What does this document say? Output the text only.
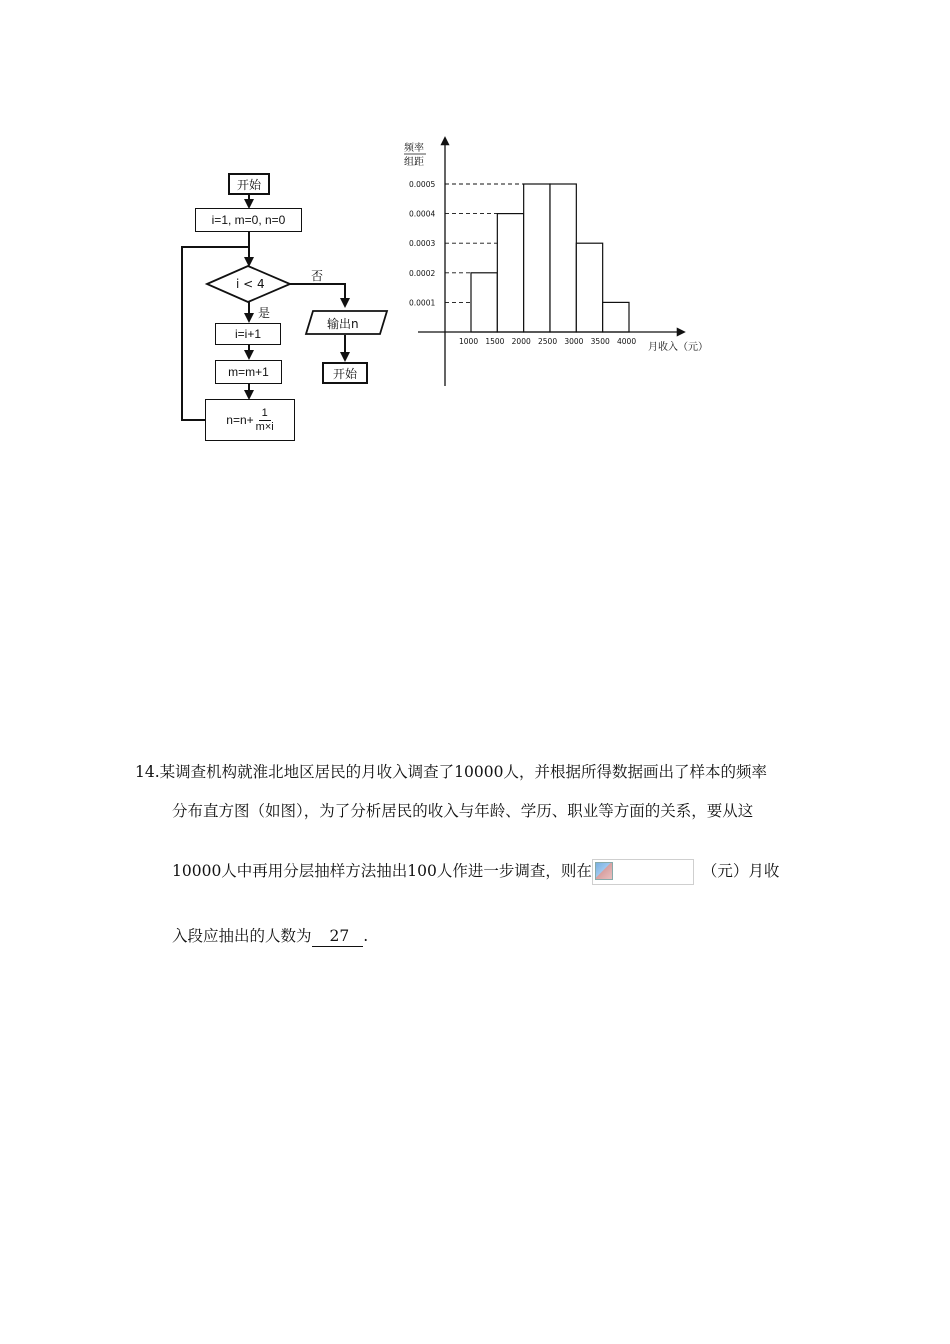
开始
i=1, m=0, n=0
i < 4
否
是
输出n
i=i+1
m=m+1
$n=n+ \frac{1}{m\times i}$
开始
0.0001
0.0002
0.0003
0.0004
0.0005
1000 1500 2000 2500 3000 3500 4000
频率
组距
月收入（元）
14.某调查机构就淮北地区居民的月收入调查了10000人，并根据所得数据画出了样本的频率
分布直方图（如图），为了分析居民的收入与年龄、学历、职业等方面的关系，要从这
10000人中再用分层抽样方法抽出100人作进一步调查，则在	（元）月收
入段应抽出的人数为 27 .
